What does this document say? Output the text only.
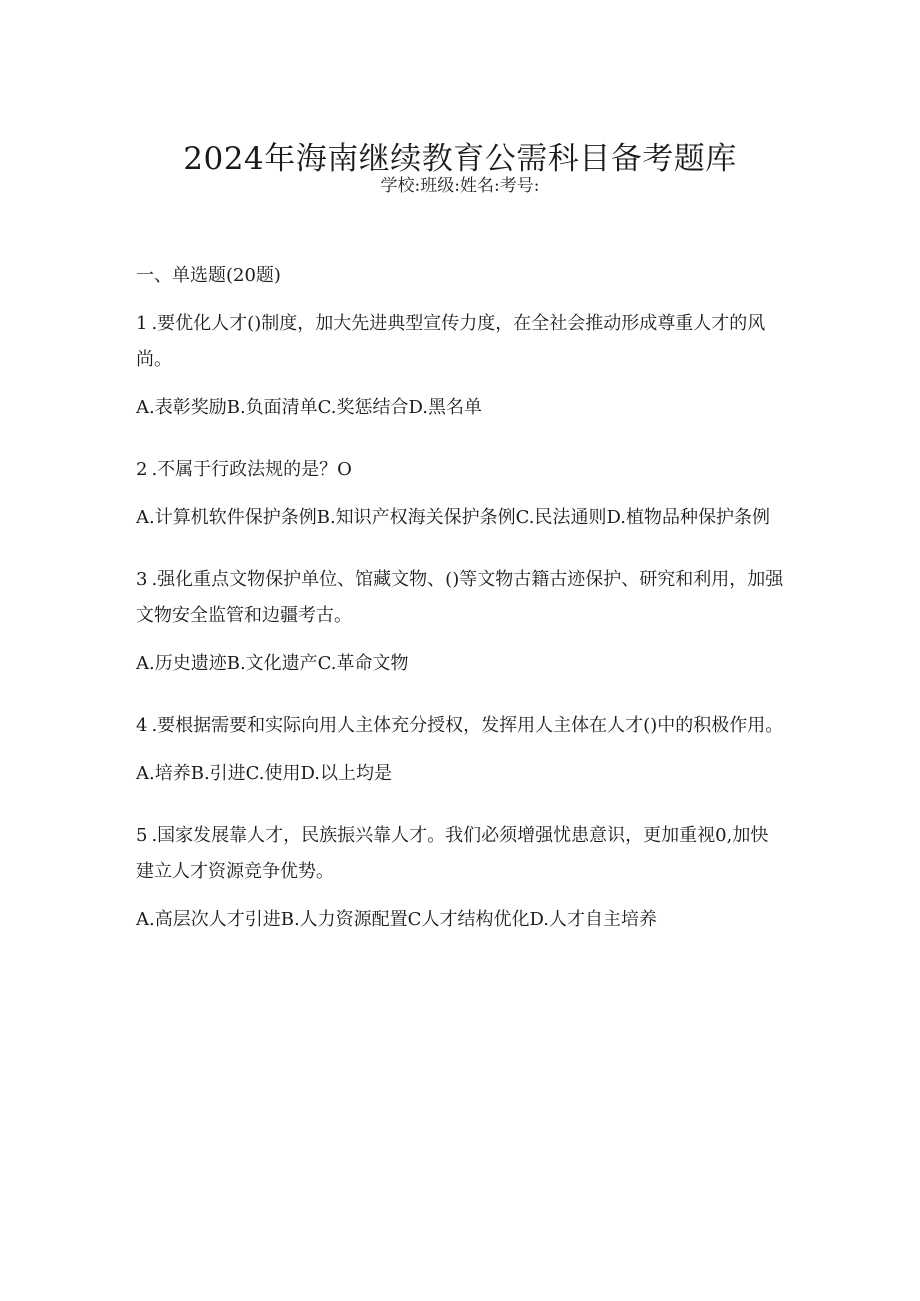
2024年海南继续教育公需科目备考题库
学校:班级:姓名:考号:

一、单选题(20题)

1 .要优化人才()制度，加大先进典型宣传力度，在全社会推动形成尊重人才的风尚。

A.表彰奖励B.负面清单C.奖惩结合D.黑名单

2 .不属于行政法规的是？O

A.计算机软件保护条例B.知识产权海关保护条例C.民法通则D.植物品种保护条例

3 .强化重点文物保护单位、馆藏文物、()等文物古籍古迹保护、研究和利用，加强文物安全监管和边疆考古。

A.历史遗迹B.文化遗产C.革命文物

4 .要根据需要和实际向用人主体充分授权，发挥用人主体在人才()中的积极作用。

A.培养B.引进C.使用D.以上均是

5 .国家发展靠人才，民族振兴靠人才。我们必须增强忧患意识，更加重视0,加快建立人才资源竞争优势。

A.高层次人才引进B.人力资源配置C人才结构优化D.人才自主培养
